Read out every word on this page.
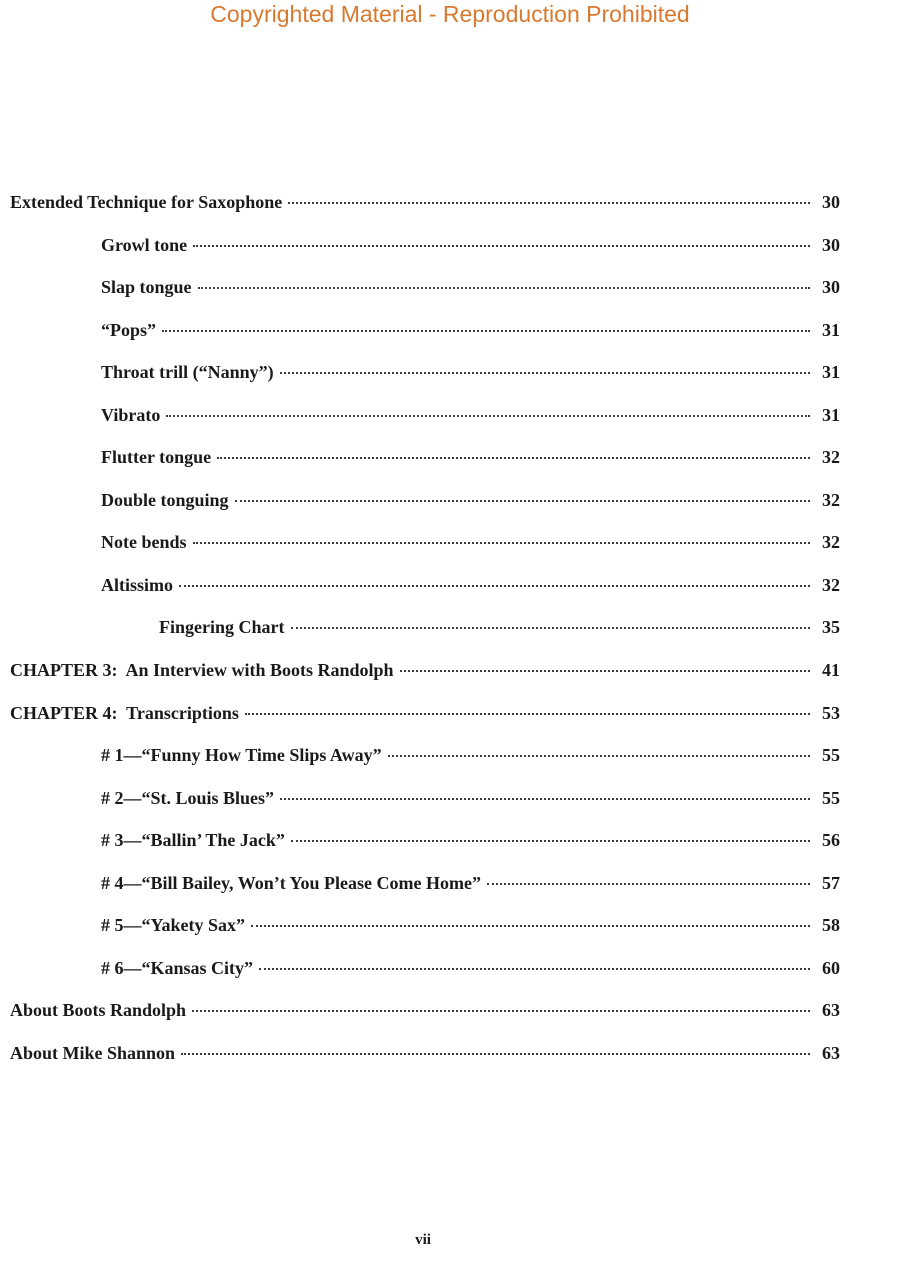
Copyrighted Material - Reproduction Prohibited
Extended Technique for Saxophone	30
Growl tone	30
Slap tongue	30
“Pops”	31
Throat trill (“Nanny”)	31
Vibrato	31
Flutter tongue	32
Double tonguing	32
Note bends	32
Altissimo	32
Fingering Chart	35
CHAPTER 3:  An Interview with Boots Randolph	41
CHAPTER 4:  Transcriptions	53
# 1—“Funny How Time Slips Away”	55
# 2—“St. Louis Blues”	55
# 3—“Ballin’ The Jack”	56
# 4—“Bill Bailey, Won’t You Please Come Home”	57
# 5—“Yakety Sax”	58
# 6—“Kansas City”	60
About Boots Randolph	63
About Mike Shannon	63
vii
